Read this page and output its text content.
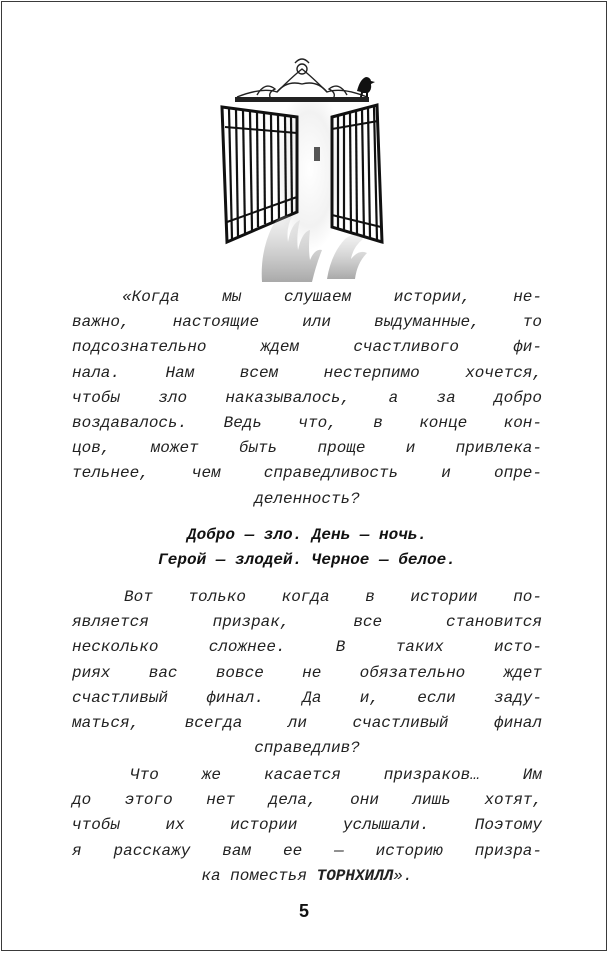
«Когда мы слушаем истории, не-
важно, настоящие или выдуманные, то
подсознательно ждем счастливого фи-
нала. Нам всем нестерпимо хочется,
чтобы зло наказывалось, а за добро
воздавалось. Ведь что, в конце кон-
цов, может быть проще и привлека-
тельнее, чем справедливость и опре-
деленность?
Добро — зло. День — ночь.
Герой — злодей. Черное — белое.
Вот только когда в истории по-
является призрак, все становится
несколько сложнее. В таких исто-
риях вас вовсе не обязательно ждет
счастливый финал. Да и, если заду-
маться, всегда ли счастливый финал
справедлив?
Что же касается призраков… Им
до этого нет дела, они лишь хотят,
чтобы их истории услышали. Поэтому
я расскажу вам ее — историю призра-
ка поместья ТОРНХИЛЛ».
5
